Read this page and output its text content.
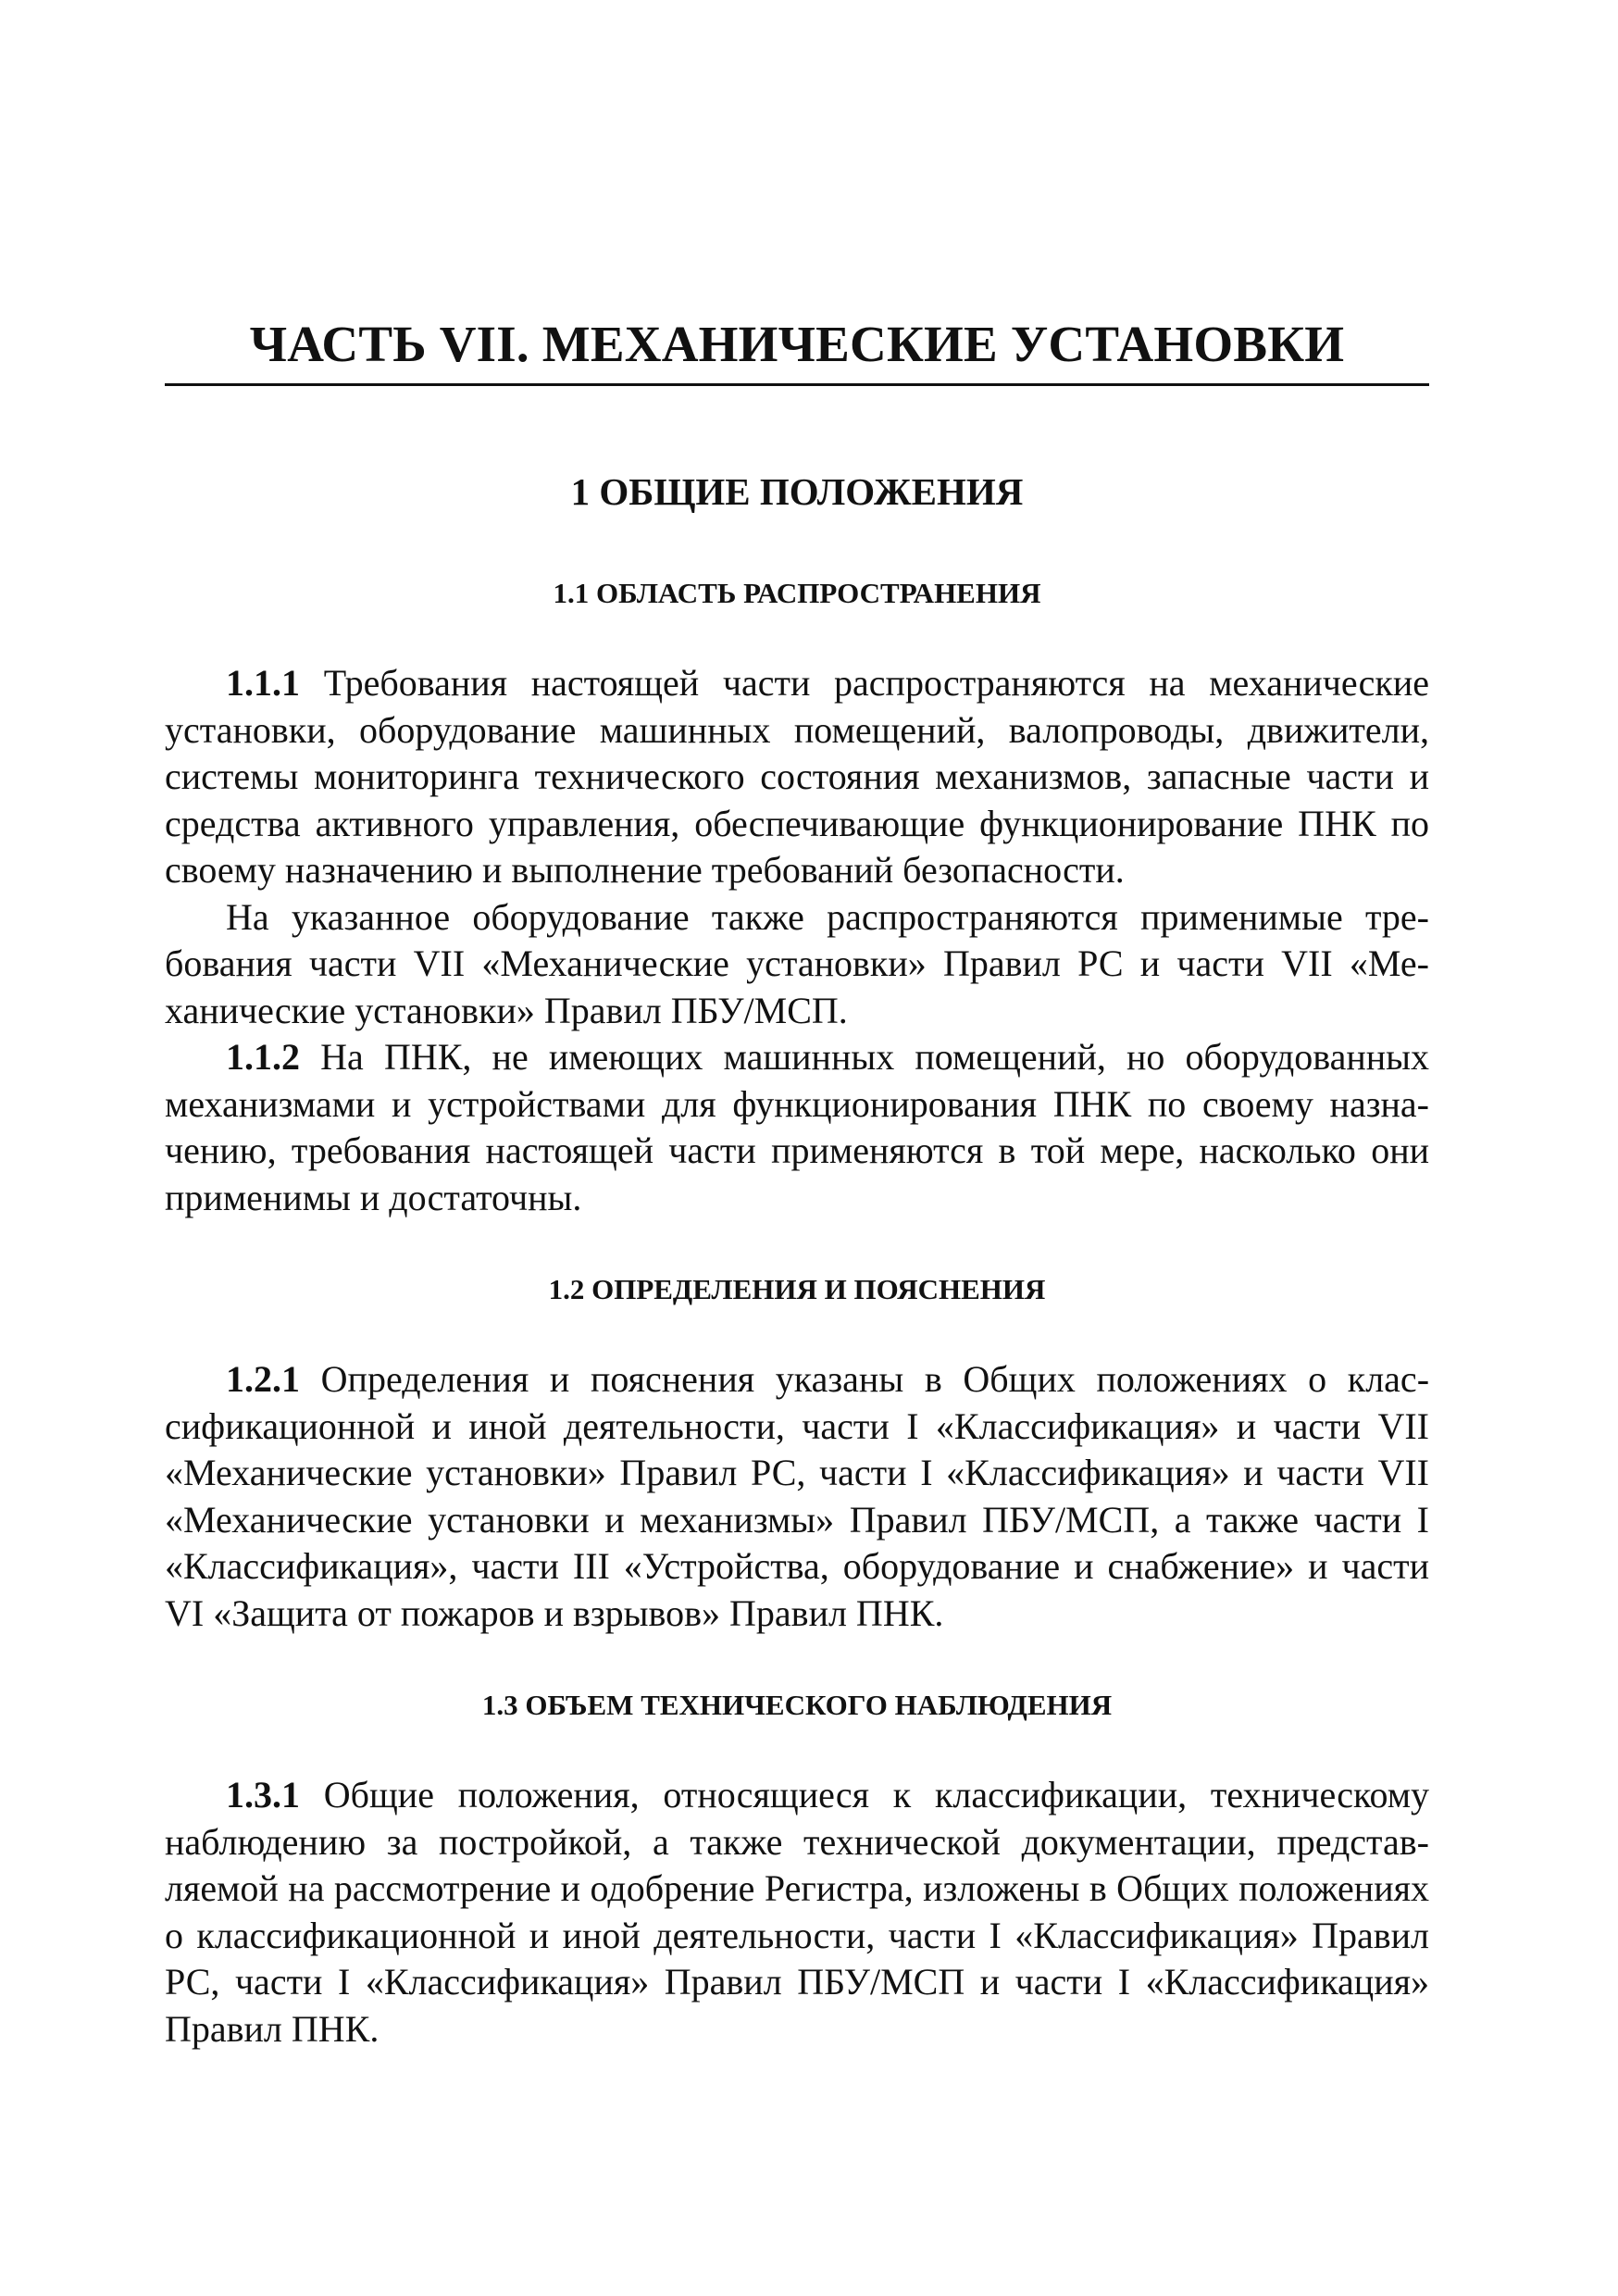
ЧАСТЬ VII. МЕХАНИЧЕСКИЕ УСТАНОВКИ
1 ОБЩИЕ ПОЛОЖЕНИЯ
1.1 ОБЛАСТЬ РАСПРОСТРАНЕНИЯ

1.1.1 Требования настоящей части распространяются на механические установки, оборудование машинных помещений, валопроводы, движители, системы мониторинга технического состояния механизмов, запасные части и средства активного управления, обеспечивающие функционирование ПНК по своему назначению и выполнение требований безопасности.

На указанное оборудование также распространяются применимые требования части VII «Механические установки» Правил РС и части VII «Механические установки» Правил ПБУ/МСП.

1.1.2 На ПНК, не имеющих машинных помещений, но оборудованных механизмами и устройствами для функционирования ПНК по своему назначению, требования настоящей части применяются в той мере, насколько они применимы и достаточны.

1.2 ОПРЕДЕЛЕНИЯ И ПОЯСНЕНИЯ

1.2.1 Определения и пояснения указаны в Общих положениях о классификационной и иной деятельности, части I «Классификация» и части VII «Механические установки» Правил РС, части I «Классификация» и части VII «Механические установки и механизмы» Правил ПБУ/МСП, а также части I «Классификация», части III «Устройства, оборудование и снабжение» и части VI «Защита от пожаров и взрывов» Правил ПНК.

1.3 ОБЪЕМ ТЕХНИЧЕСКОГО НАБЛЮДЕНИЯ

1.3.1 Общие положения, относящиеся к классификации, техническому наблюдению за постройкой, а также технической документации, представляемой на рассмотрение и одобрение Регистра, изложены в Общих положениях о классификационной и иной деятельности, части I «Классификация» Правил РС, части I «Классификация» Правил ПБУ/МСП и части I «Классификация» Правил ПНК.
